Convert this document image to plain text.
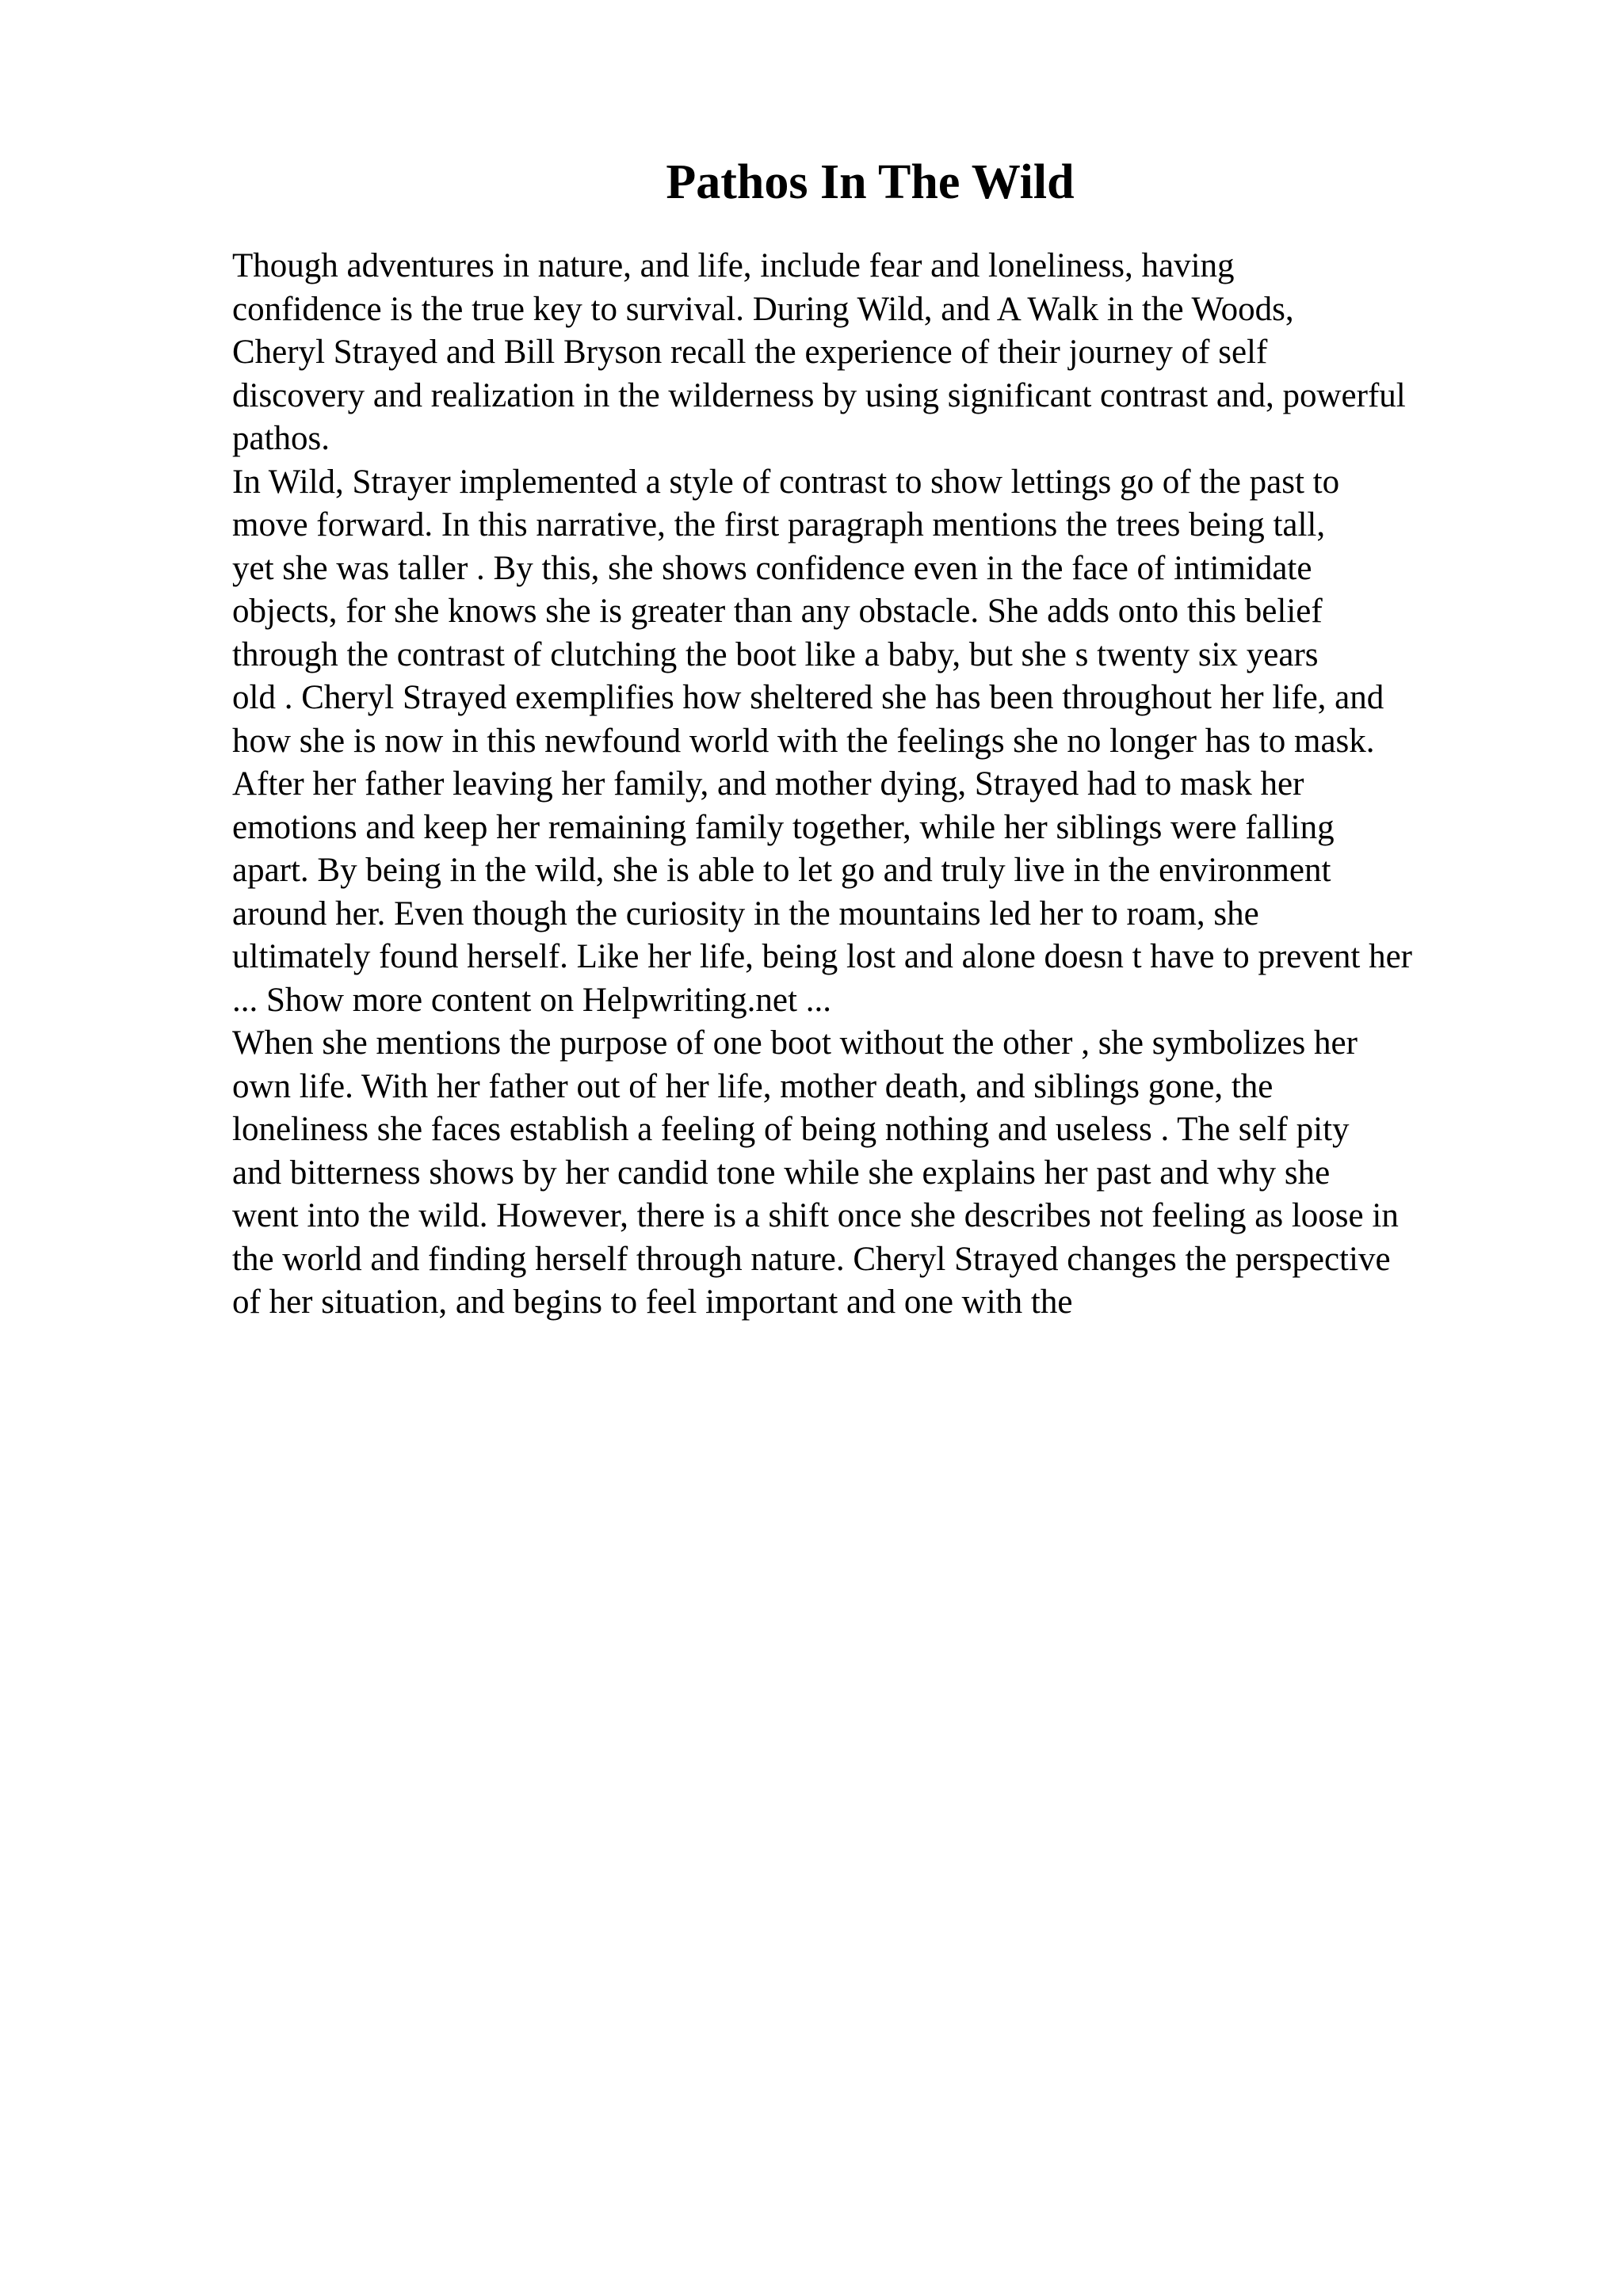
Pathos In The Wild
Though adventures in nature, and life, include fear and loneliness, having
confidence is the true key to survival. During Wild, and A Walk in the Woods,
Cheryl Strayed and Bill Bryson recall the experience of their journey of self
discovery and realization in the wilderness by using significant contrast and, powerful
pathos.
In Wild, Strayer implemented a style of contrast to show lettings go of the past to
move forward. In this narrative, the first paragraph mentions the trees being tall,
yet she was taller . By this, she shows confidence even in the face of intimidate
objects, for she knows she is greater than any obstacle. She adds onto this belief
through the contrast of clutching the boot like a baby, but she s twenty six years
old . Cheryl Strayed exemplifies how sheltered she has been throughout her life, and
how she is now in this newfound world with the feelings she no longer has to mask.
After her father leaving her family, and mother dying, Strayed had to mask her
emotions and keep her remaining family together, while her siblings were falling
apart. By being in the wild, she is able to let go and truly live in the environment
around her. Even though the curiosity in the mountains led her to roam, she
ultimately found herself. Like her life, being lost and alone doesn t have to prevent her
... Show more content on Helpwriting.net ...
When she mentions the purpose of one boot without the other , she symbolizes her
own life. With her father out of her life, mother death, and siblings gone, the
loneliness she faces establish a feeling of being nothing and useless . The self pity
and bitterness shows by her candid tone while she explains her past and why she
went into the wild. However, there is a shift once she describes not feeling as loose in
the world and finding herself through nature. Cheryl Strayed changes the perspective
of her situation, and begins to feel important and one with the
